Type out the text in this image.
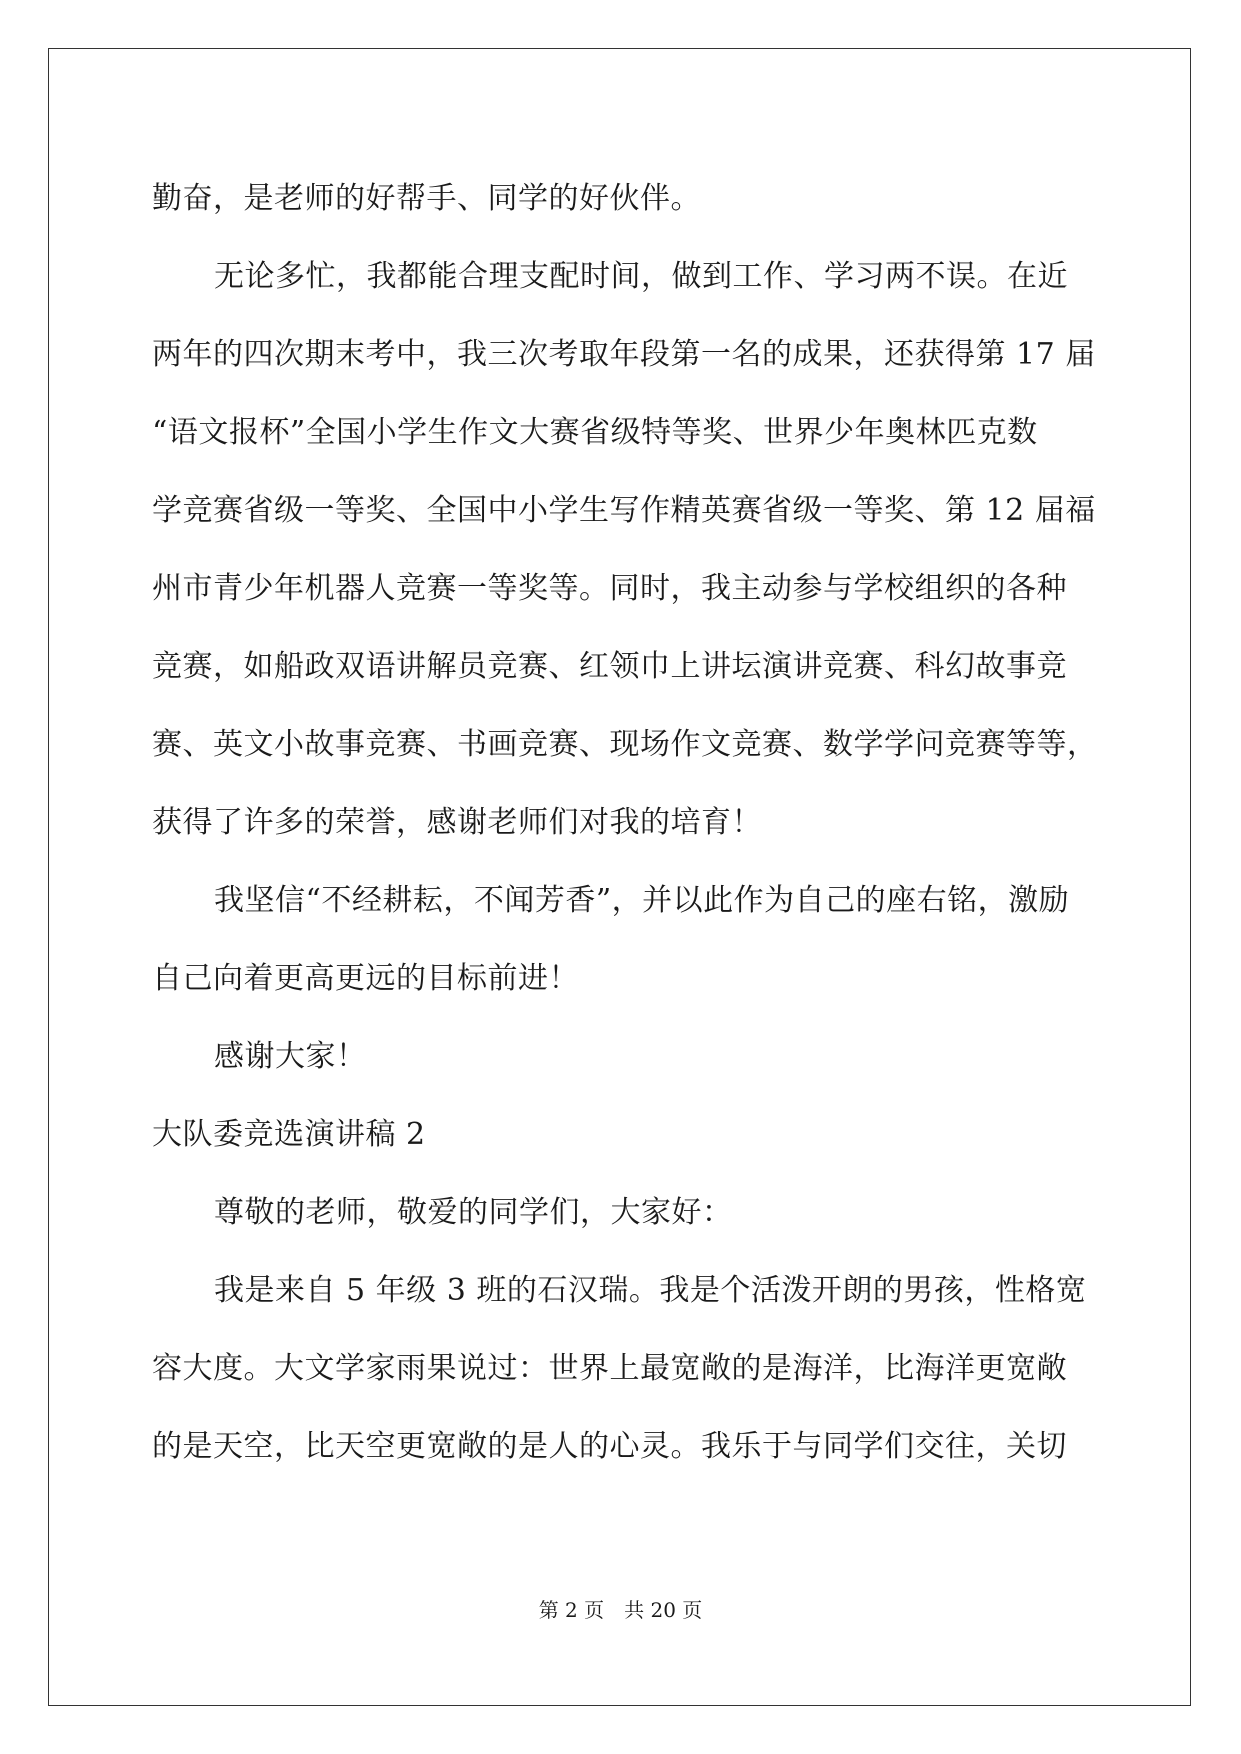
勤奋，是老师的好帮手、同学的好伙伴。
无论多忙，我都能合理支配时间，做到工作、学习两不误。在近
两年的四次期末考中，我三次考取年段第一名的成果，还获得第 17 届
“语文报杯”全国小学生作文大赛省级特等奖、世界少年奥林匹克数
学竞赛省级一等奖、全国中小学生写作精英赛省级一等奖、第 12 届福
州市青少年机器人竞赛一等奖等。同时，我主动参与学校组织的各种
竞赛，如船政双语讲解员竞赛、红领巾上讲坛演讲竞赛、科幻故事竞
赛、英文小故事竞赛、书画竞赛、现场作文竞赛、数学学问竞赛等等，
获得了许多的荣誉，感谢老师们对我的培育！
我坚信“不经耕耘，不闻芳香”，并以此作为自己的座右铭，激励
自己向着更高更远的目标前进！
感谢大家！
大队委竞选演讲稿 2
尊敬的老师，敬爱的同学们，大家好：
我是来自 5 年级 3 班的石汉瑞。我是个活泼开朗的男孩，性格宽
容大度。大文学家雨果说过：世界上最宽敞的是海洋，比海洋更宽敞
的是天空，比天空更宽敞的是人的心灵。我乐于与同学们交往，关切
第 2 页 共 20 页
